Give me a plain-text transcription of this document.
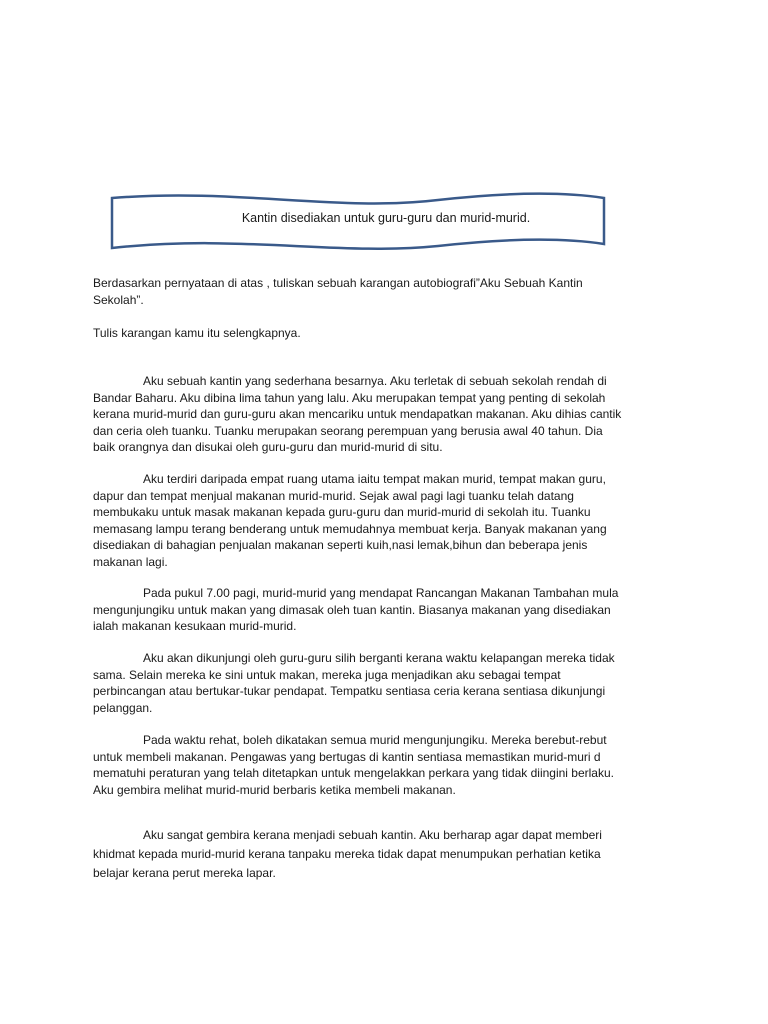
Kantin disediakan untuk guru-guru dan murid-murid.
Berdasarkan pernyataan di atas , tuliskan sebuah karangan autobiografi”Aku Sebuah Kantin
Sekolah”.
Tulis karangan kamu itu selengkapnya.
Aku sebuah kantin yang sederhana besarnya. Aku terletak di sebuah sekolah rendah di
Bandar Baharu. Aku dibina lima tahun yang lalu. Aku merupakan tempat yang penting di sekolah
kerana murid-murid dan guru-guru akan mencariku untuk mendapatkan makanan. Aku dihias cantik
dan ceria oleh tuanku. Tuanku merupakan seorang perempuan yang berusia awal 40 tahun. Dia
baik orangnya dan disukai oleh guru-guru dan murid-murid di situ.
Aku terdiri daripada empat ruang utama iaitu tempat makan murid, tempat makan guru,
dapur dan tempat menjual makanan murid-murid. Sejak awal pagi lagi tuanku telah datang
membukaku untuk masak makanan kepada guru-guru dan murid-murid di sekolah itu. Tuanku
memasang lampu terang benderang untuk memudahnya membuat kerja. Banyak makanan yang
disediakan di bahagian penjualan makanan seperti kuih,nasi lemak,bihun dan beberapa jenis
makanan lagi.
Pada pukul 7.00 pagi, murid-murid yang mendapat Rancangan Makanan Tambahan mula
mengunjungiku untuk makan yang dimasak oleh tuan kantin. Biasanya makanan yang disediakan
ialah makanan kesukaan murid-murid.
Aku akan dikunjungi oleh guru-guru silih berganti kerana waktu kelapangan mereka tidak
sama. Selain mereka ke sini untuk makan, mereka juga menjadikan aku sebagai tempat
perbincangan atau bertukar-tukar pendapat. Tempatku sentiasa ceria kerana sentiasa dikunjungi
pelanggan.
Pada waktu rehat, boleh dikatakan semua murid mengunjungiku. Mereka berebut-rebut
untuk membeli makanan. Pengawas yang bertugas di kantin sentiasa memastikan murid-muri d
mematuhi peraturan yang telah ditetapkan untuk mengelakkan perkara yang tidak diingini berlaku.
Aku gembira melihat murid-murid berbaris ketika membeli makanan.
Aku sangat gembira kerana menjadi sebuah kantin. Aku berharap agar dapat memberi
khidmat kepada murid-murid kerana tanpaku mereka tidak dapat menumpukan perhatian ketika
belajar kerana perut mereka lapar.
